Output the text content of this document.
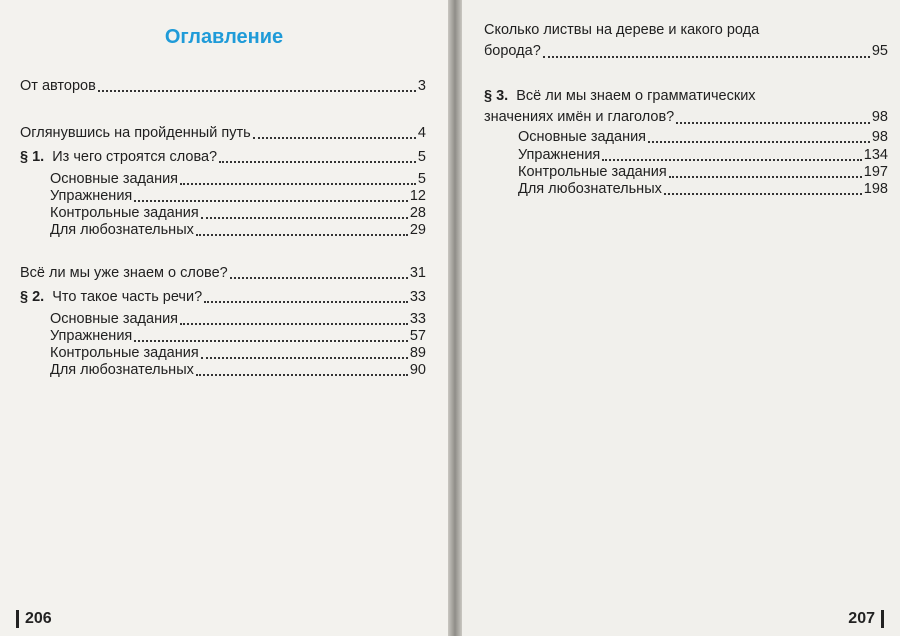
Оглавление
От авторов	3
Оглянувшись на пройденный путь	4
§ 1. Из чего строятся слова?	5
Основные задания	5
Упражнения	12
Контрольные задания	28
Для любознательных	29
Всё ли мы уже знаем о слове?	31
§ 2. Что такое часть речи?	33
Основные задания	33
Упражнения	57
Контрольные задания	89
Для любознательных	90
206
Сколько листвы на дереве и какого рода
борода?	95
§ 3. Всё ли мы знаем о грамматических
значениях имён и глаголов?	98
Основные задания	98
Упражнения	134
Контрольные задания	197
Для любознательных	198
207
